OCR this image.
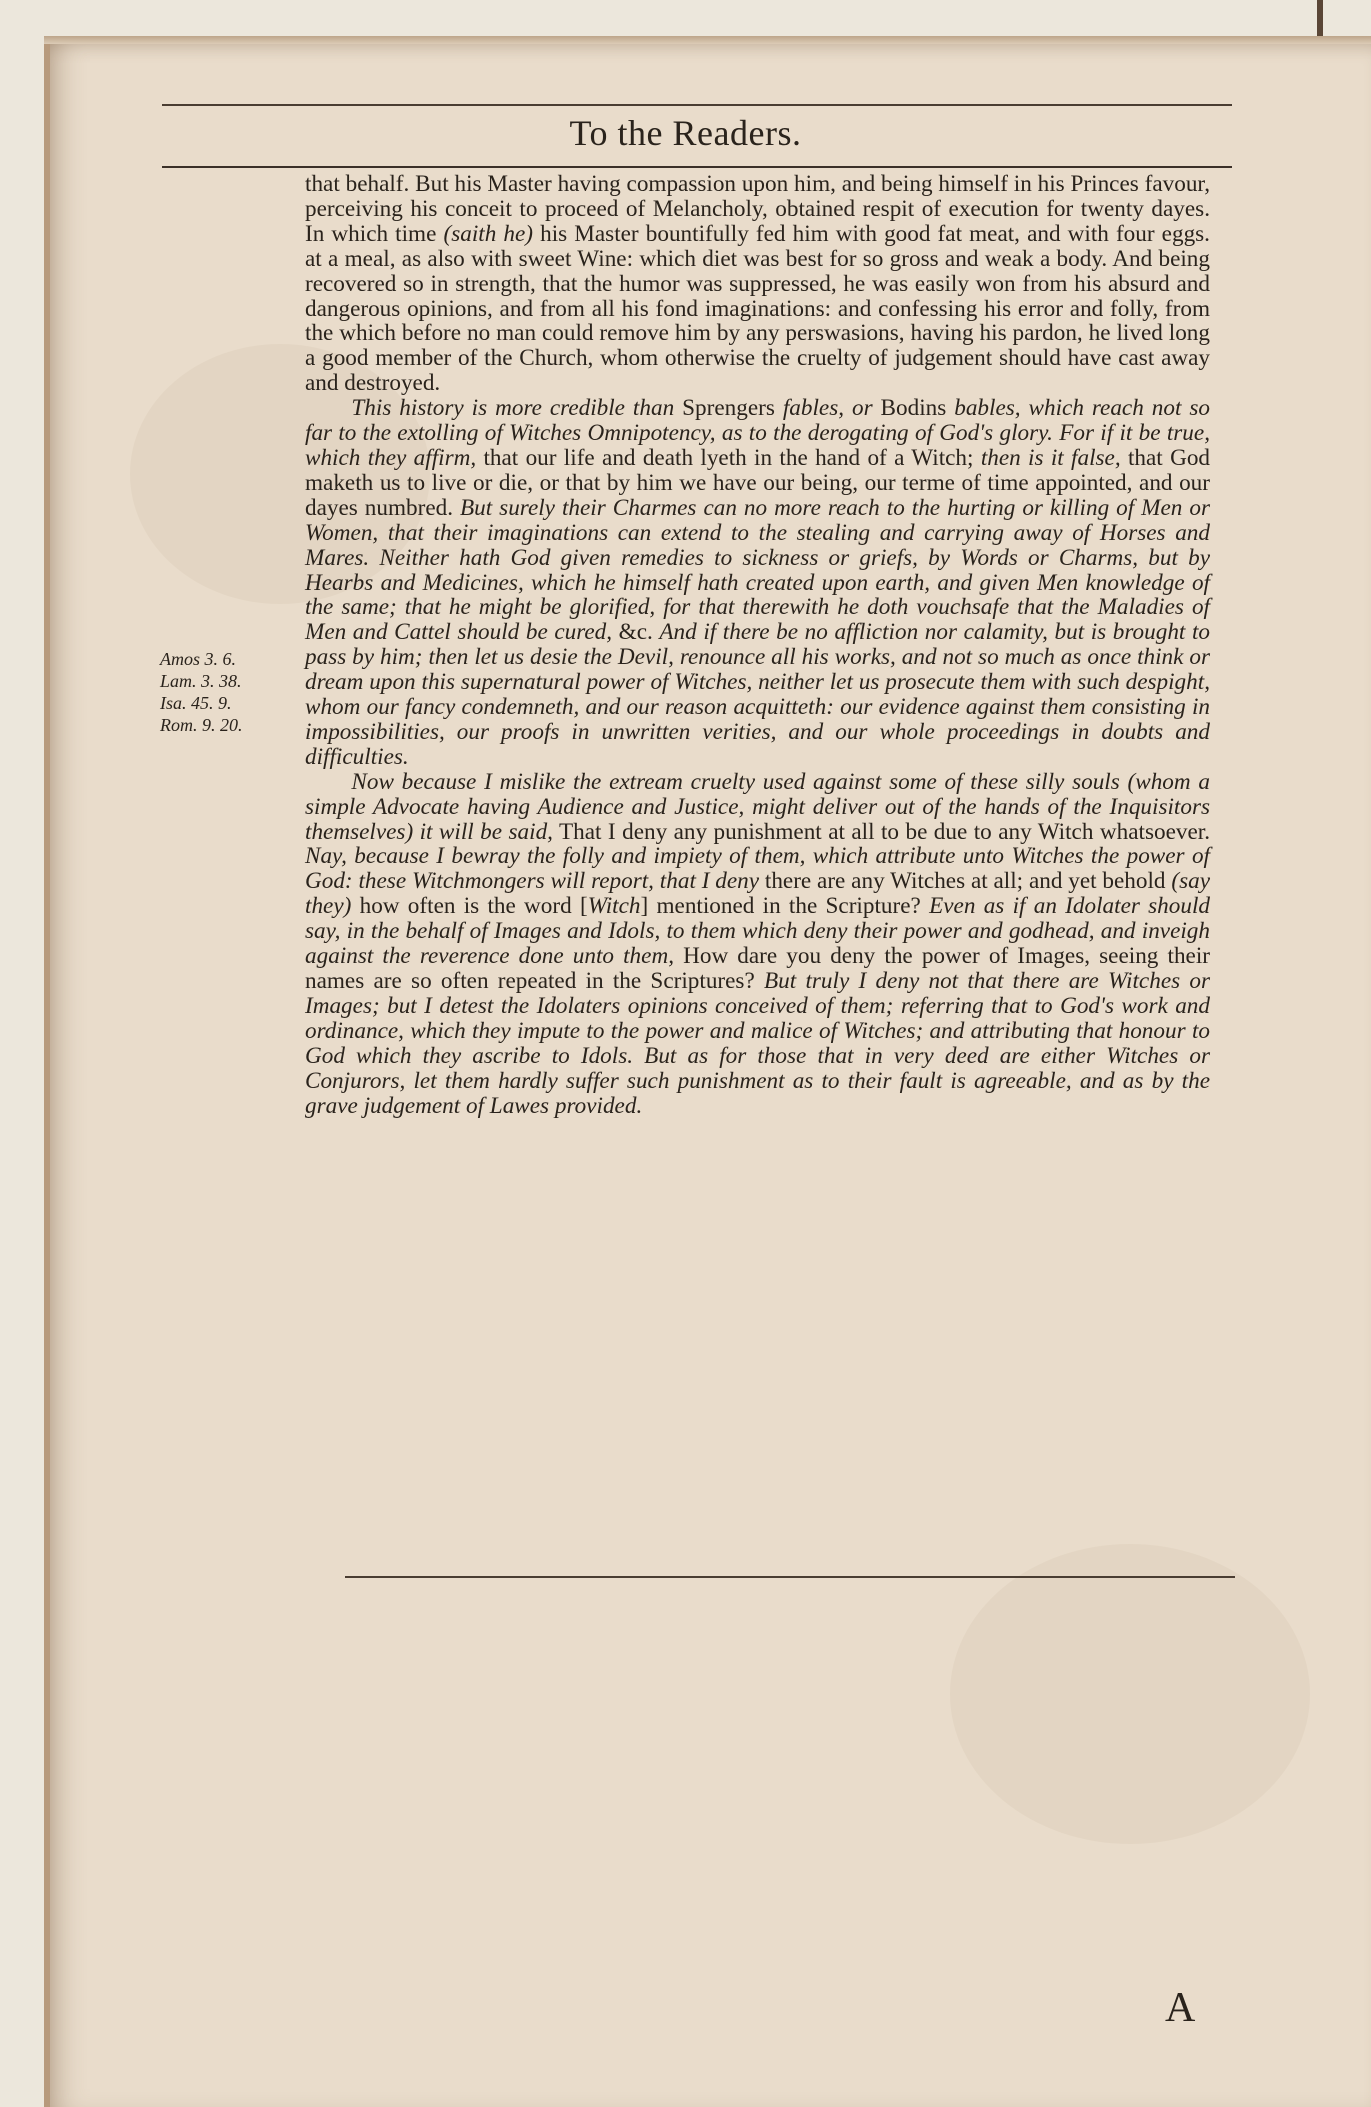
To the Readers.
Amos 3. 6.
Lam. 3. 38.
Isa. 45. 9.
Rom. 9. 20.

that behalf. But his Master having compassion upon him, and being himself in his Princes favour, perceiving his conceit to proceed of Melancholy, obtained respit of execution for twenty dayes. In which time (saith he) his Master bountifully fed him with good fat meat, and with four eggs. at a meal, as also with sweet Wine: which diet was best for so gross and weak a body. And being recovered so in strength, that the humor was suppressed, he was easily won from his absurd and dangerous opinions, and from all his fond imaginations: and confessing his error and folly, from the which before no man could remove him by any perswasions, having his pardon, he lived long a good member of the Church, whom otherwise the cruelty of judgement should have cast away and destroyed.

This history is more credible than Sprengers fables, or Bodins bables, which reach not so far to the extolling of Witches Omnipotency, as to the derogating of God's glory. For if it be true, which they affirm, that our life and death lyeth in the hand of a Witch; then is it false, that God maketh us to live or die, or that by him we have our being, our terme of time appointed, and our dayes numbred. But surely their Charmes can no more reach to the hurting or killing of Men or Women, that their imaginations can extend to the stealing and carrying away of Horses and Mares. Neither hath God given remedies to sickness or griefs, by Words or Charms, but by Hearbs and Medicines, which he himself hath created upon earth, and given Men knowledge of the same; that he might be glorified, for that therewith he doth vouchsafe that the Maladies of Men and Cattel should be cured, &c. And if there be no affliction nor calamity, but is brought to pass by him; then let us desie the Devil, renounce all his works, and not so much as once think or dream upon this supernatural power of Witches, neither let us prosecute them with such despight, whom our fancy condemneth, and our reason acquitteth: our evidence against them consisting in impossibilities, our proofs in unwritten verities, and our whole proceedings in doubts and difficulties.

Now because I mislike the extream cruelty used against some of these silly souls (whom a simple Advocate having Audience and Justice, might deliver out of the hands of the Inquisitors themselves) it will be said, That I deny any punishment at all to be due to any Witch whatsoever. Nay, because I bewray the folly and impiety of them, which attribute unto Witches the power of God: these Witchmongers will report, that I deny there are any Witches at all; and yet behold (say they) how often is the word [Witch] mentioned in the Scripture? Even as if an Idolater should say, in the behalf of Images and Idols, to them which deny their power and godhead, and inveigh against the reverence done unto them, How dare you deny the power of Images, seeing their names are so often repeated in the Scriptures? But truly I deny not that there are Witches or Images; but I detest the Idolaters opinions conceived of them; referring that to God's work and ordinance, which they impute to the power and malice of Witches; and attributing that honour to God which they ascribe to Idols. But as for those that in very deed are either Witches or Conjurors, let them hardly suffer such punishment as to their fault is agreeable, and as by the grave judgement of Lawes provided.

A
